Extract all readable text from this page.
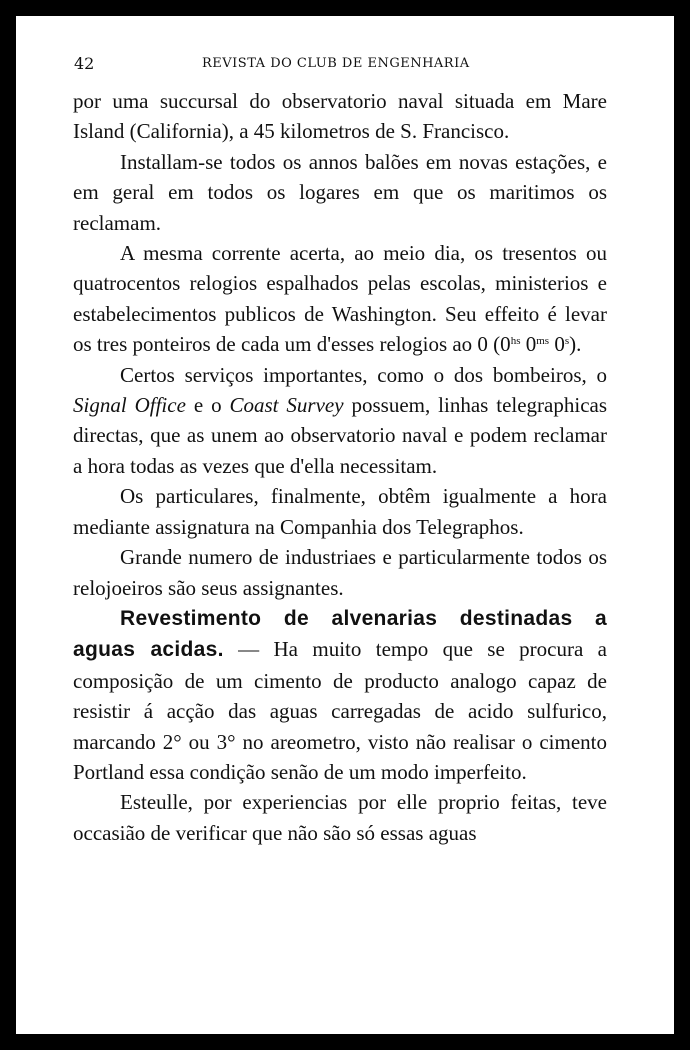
42	REVISTA DO CLUB DE ENGENHARIA

por uma succursal do observatorio naval situada em Mare Island (California), a 45 kilometros de S. Francisco.

Installam-se todos os annos balões em novas estações, e em geral em todos os logares em que os maritimos os reclamam.

A mesma corrente acerta, ao meio dia, os tresentos ou quatrocentos relogios espalhados pelas escolas, ministerios e estabelecimentos publicos de Washington. Seu effeito é levar os tres ponteiros de cada um d'esses relogios ao 0 ($0^{hs}$ $0^{ms}$ 0$^s$).

Certos serviços importantes, como o dos bombeiros, o Signal Office e o Coast Survey possuem, linhas telegraphicas directas, que as unem ao observatorio naval e podem reclamar a hora todas as vezes que d'ella necessitam.

Os particulares, finalmente, obtêm igualmente a hora mediante assignatura na Companhia dos Telegraphos.

Grande numero de industriaes e particularmente todos os relojoeiros são seus assignantes.

Revestimento de alvenarias destinadas a aguas acidas. — Ha muito tempo que se procura a composição de um cimento de producto analogo capaz de resistir á acção das aguas carregadas de acido sulfurico, marcando 2° ou 3° no areometro, visto não realisar o cimento Portland essa condição senão de um modo imperfeito.

Esteulle, por experiencias por elle proprio feitas, teve occasião de verificar que não são só essas aguas
